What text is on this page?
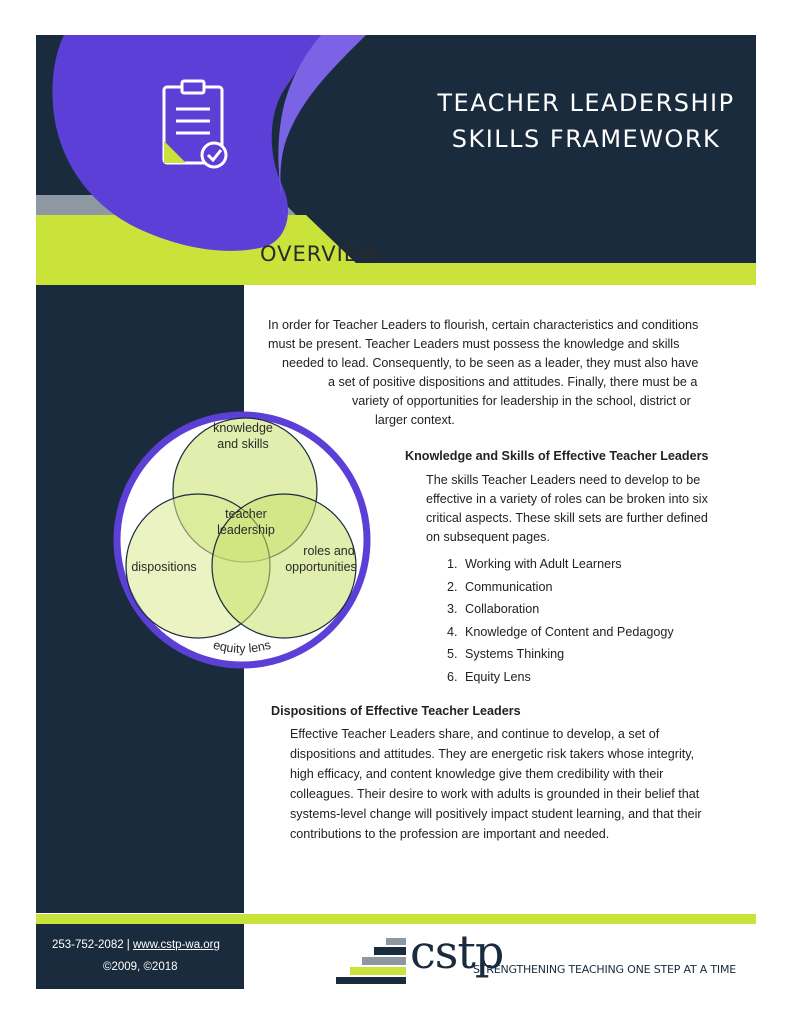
TEACHER LEADERSHIP
SKILLS FRAMEWORK
OVERVIEW
In order for Teacher Leaders to flourish, certain characteristics and conditions
must be present. Teacher Leaders must possess the knowledge and skills
needed to lead. Consequently, to be seen as a leader, they must also have
a set of positive dispositions and attitudes. Finally, there must be a
variety of opportunities for leadership in the school, district or
larger context.
knowledge
and skills
teacher
leadership
dispositions
roles and
opportunities
equity lens
Knowledge and Skills of Effective Teacher Leaders
The skills Teacher Leaders need to develop to be
effective in a variety of roles can be broken into six
critical aspects. These skill sets are further defined
on subsequent pages.
1. Working with Adult Learners
2. Communication
3. Collaboration
4. Knowledge of Content and Pedagogy
5. Systems Thinking
6. Equity Lens
Dispositions of Effective Teacher Leaders
Effective Teacher Leaders share, and continue to develop, a set of
dispositions and attitudes. They are energetic risk takers whose integrity,
high efficacy, and content knowledge give them credibility with their
colleagues. Their desire to work with adults is grounded in their belief that
systems-level change will positively impact student learning, and that their
contributions to the profession are important and needed.
253-752-2082 | www.cstp-wa.org
©2009, ©2018	cstp
STRENGTHENING TEACHING ONE STEP AT A TIME
